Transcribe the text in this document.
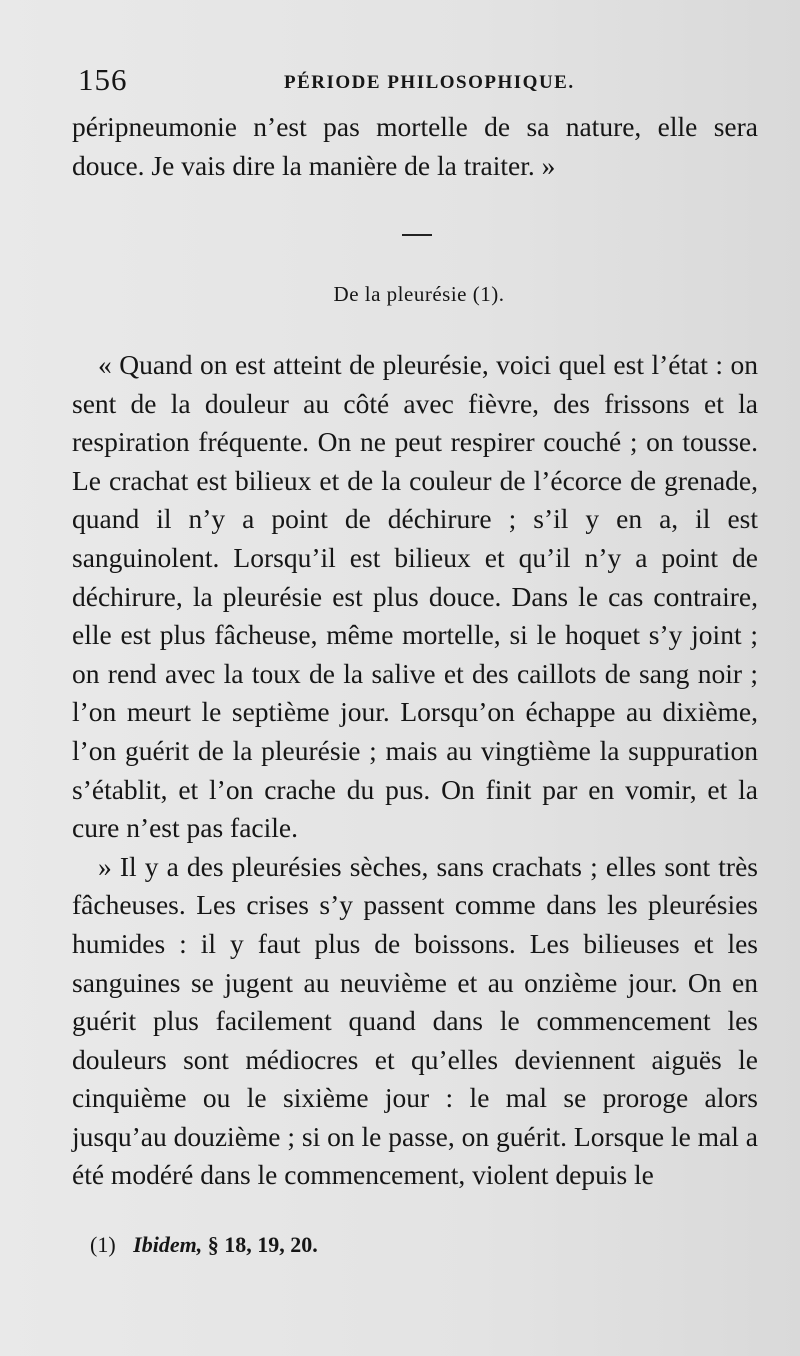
156	PÉRIODE PHILOSOPHIQUE.

péripneumonie n’est pas mortelle de sa nature, elle sera douce. Je vais dire la manière de la traiter. »

De la pleurésie (1).

« Quand on est atteint de pleurésie, voici quel est l’état : on sent de la douleur au côté avec fièvre, des frissons et la respiration fréquente. On ne peut respirer couché ; on tousse. Le crachat est bilieux et de la couleur de l’écorce de grenade, quand il n’y a point de déchirure ; s’il y en a, il est sanguinolent. Lorsqu’il est bilieux et qu’il n’y a point de déchirure, la pleurésie est plus douce. Dans le cas contraire, elle est plus fâcheuse, même mortelle, si le hoquet s’y joint ; on rend avec la toux de la salive et des caillots de sang noir ; l’on meurt le septième jour. Lorsqu’on échappe au dixième, l’on guérit de la pleurésie ; mais au vingtième la suppuration s’établit, et l’on crache du pus. On finit par en vomir, et la cure n’est pas facile.

» Il y a des pleurésies sèches, sans crachats ; elles sont très fâcheuses. Les crises s’y passent comme dans les pleurésies humides : il y faut plus de boissons. Les bilieuses et les sanguines se jugent au neuvième et au onzième jour. On en guérit plus facilement quand dans le commencement les douleurs sont médiocres et qu’elles deviennent aiguës le cinquième ou le sixième jour : le mal se proroge alors jusqu’au douzième ; si on le passe, on guérit. Lorsque le mal a été modéré dans le commencement, violent depuis le

(1) Ibidem, § 18, 19, 20.
